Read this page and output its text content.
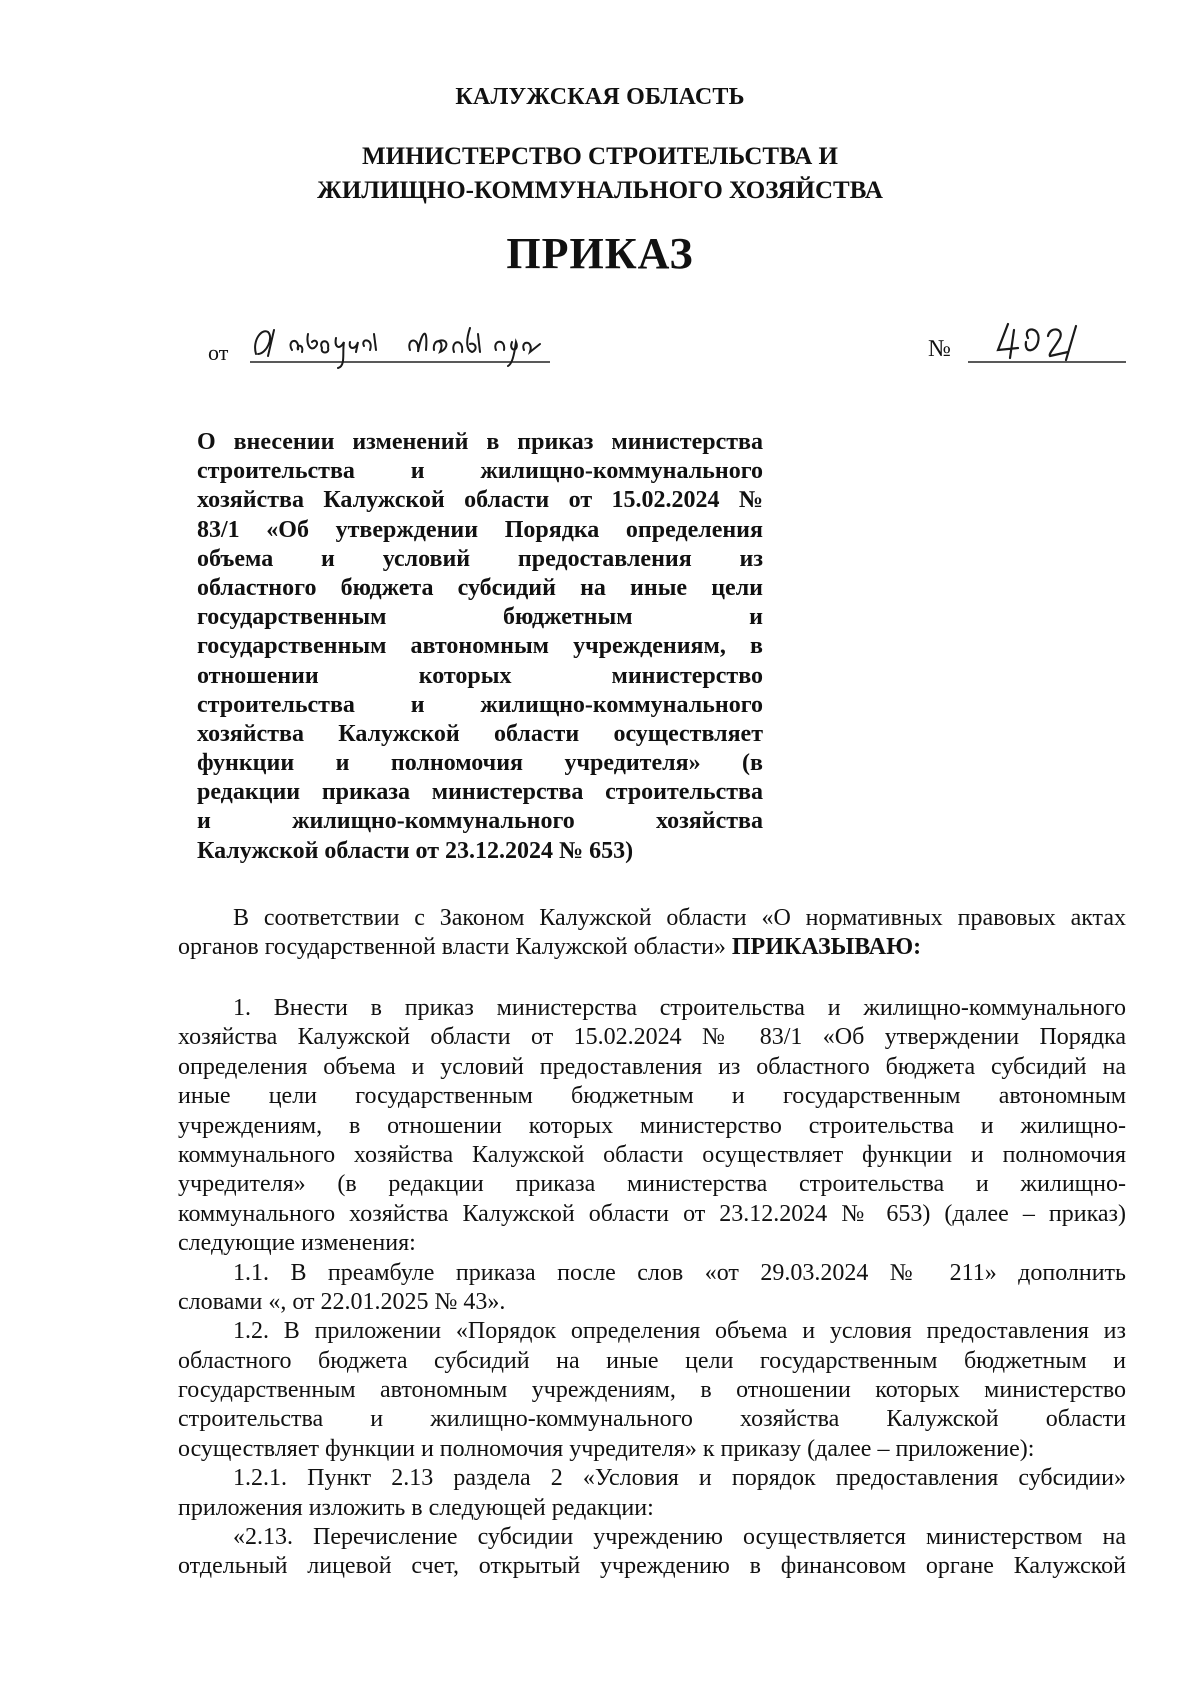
КАЛУЖСКАЯ ОБЛАСТЬ
МИНИСТЕРСТВО СТРОИТЕЛЬСТВА И
ЖИЛИЩНО-КОММУНАЛЬНОГО ХОЗЯЙСТВА
ПРИКАЗ
от	№
О внесении изменений в приказ министерства
строительства и жилищно-коммунального
хозяйства Калужской области от 15.02.2024 №
83/1 «Об утверждении Порядка определения
объема и условий предоставления из
областного бюджета субсидий на иные цели
государственным бюджетным и
государственным автономным учреждениям, в
отношении которых министерство
строительства и жилищно-коммунального
хозяйства Калужской области осуществляет
функции и полномочия учредителя» (в
редакции приказа министерства строительства
и жилищно-коммунального хозяйства
Калужской области от 23.12.2024 № 653)
В соответствии с Законом Калужской области «О нормативных правовых актах
органов государственной власти Калужской области» ПРИКАЗЫВАЮ:
1. Внести в приказ министерства строительства и жилищно-коммунального
хозяйства Калужской области от 15.02.2024 № 83/1 «Об утверждении Порядка
определения объема и условий предоставления из областного бюджета субсидий на
иные цели государственным бюджетным и государственным автономным
учреждениям, в отношении которых министерство строительства и жилищно-
коммунального хозяйства Калужской области осуществляет функции и полномочия
учредителя» (в редакции приказа министерства строительства и жилищно-
коммунального хозяйства Калужской области от 23.12.2024 № 653) (далее – приказ)
следующие изменения:
1.1. В преамбуле приказа после слов «от 29.03.2024 № 211» дополнить
словами «, от 22.01.2025 № 43».
1.2. В приложении «Порядок определения объема и условия предоставления из
областного бюджета субсидий на иные цели государственным бюджетным и
государственным автономным учреждениям, в отношении которых министерство
строительства и жилищно-коммунального хозяйства Калужской области
осуществляет функции и полномочия учредителя» к приказу (далее – приложение):
1.2.1. Пункт 2.13 раздела 2 «Условия и порядок предоставления субсидии»
приложения изложить в следующей редакции:
«2.13. Перечисление субсидии учреждению осуществляется министерством на
отдельный лицевой счет, открытый учреждению в финансовом органе Калужской
